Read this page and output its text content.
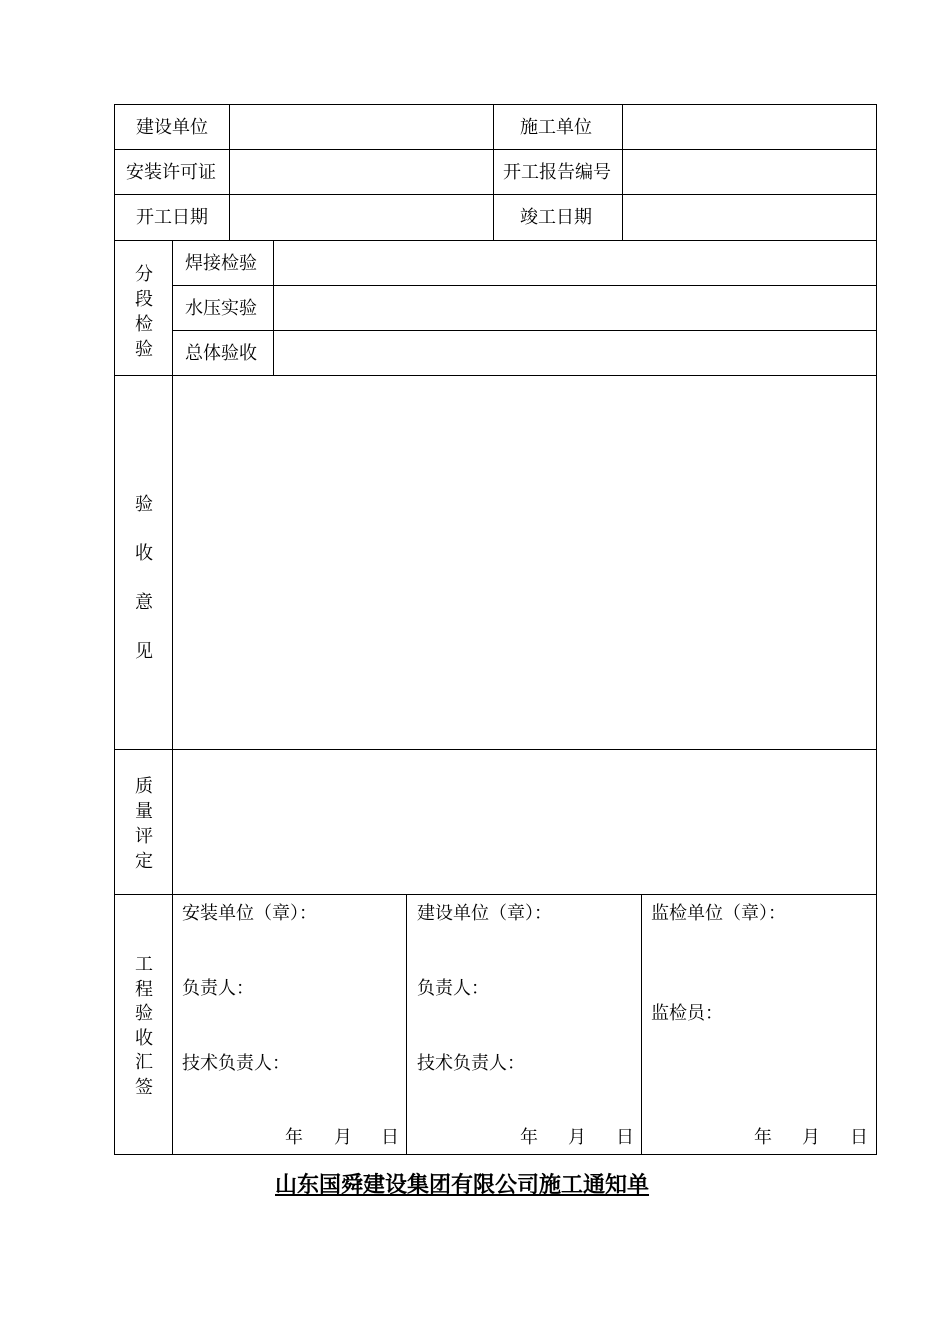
建设单位	施工单位
安装许可证	开工报告编号
开工日期	竣工日期
分
段
检
验
焊接检验
水压实验
总体验收
验
收
意
见
质
量
评
定
工
程
验
收
汇
签
安装单位（章）：
负责人：
技术负责人：
年 月 日
建设单位（章）：
负责人：
技术负责人：
年 月 日
监检单位（章）：
监检员：
年 月 日
山东国舜建设集团有限公司施工通知单
